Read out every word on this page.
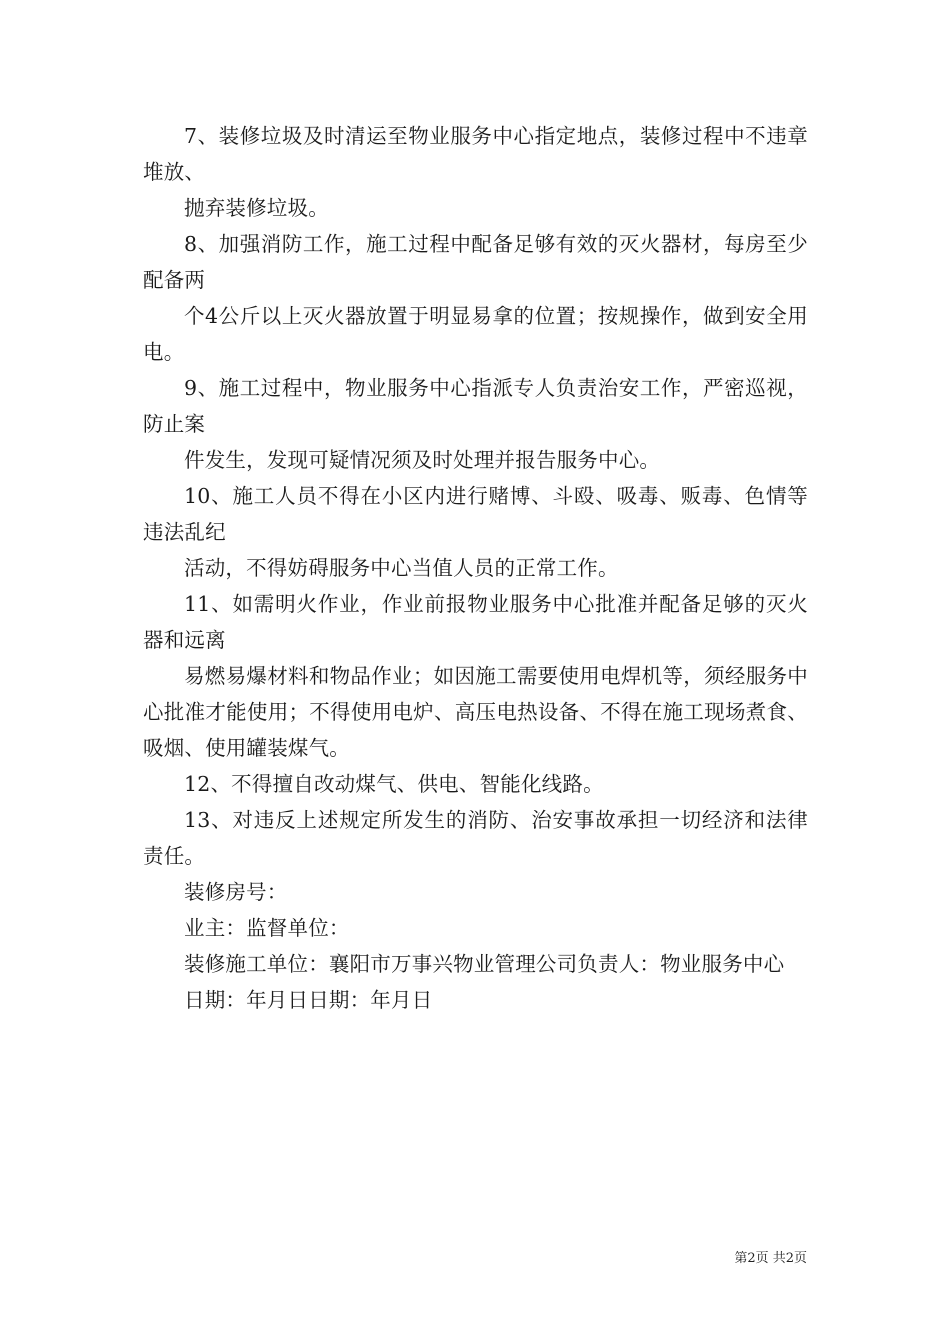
7、装修垃圾及时清运至物业服务中心指定地点，装修过程中不违章堆放、

抛弃装修垃圾。

8、加强消防工作，施工过程中配备足够有效的灭火器材，每房至少配备两

个4公斤以上灭火器放置于明显易拿的位置；按规操作，做到安全用电。

9、施工过程中，物业服务中心指派专人负责治安工作，严密巡视，防止案

件发生，发现可疑情况须及时处理并报告服务中心。

10、施工人员不得在小区内进行赌博、斗殴、吸毒、贩毒、色情等违法乱纪

活动，不得妨碍服务中心当值人员的正常工作。

11、如需明火作业，作业前报物业服务中心批准并配备足够的灭火器和远离

易燃易爆材料和物品作业；如因施工需要使用电焊机等，须经服务中心批准才能使用；不得使用电炉、高压电热设备、不得在施工现场煮食、吸烟、使用罐装煤气。

12、不得擅自改动煤气、供电、智能化线路。

13、对违反上述规定所发生的消防、治安事故承担一切经济和法律责任。

装修房号：

业主：监督单位：

装修施工单位：襄阳市万事兴物业管理公司负责人：物业服务中心

日期：年月日日期：年月日

第2页 共2页
